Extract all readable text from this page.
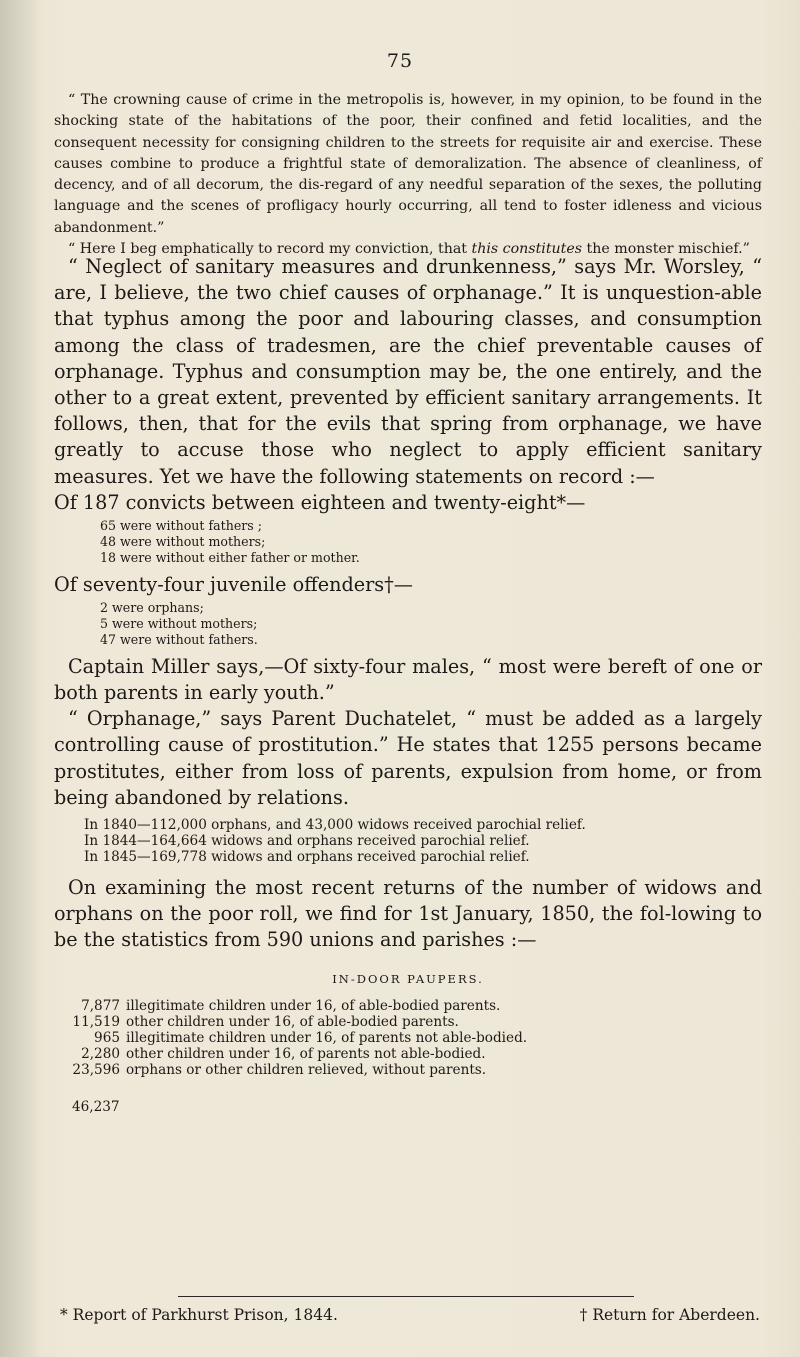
75

“ The crowning cause of crime in the metropolis is, however, in my opinion, to be found in the shocking state of the habitations of the poor, their confined and fetid localities, and the consequent necessity for consigning children to the streets for requisite air and exercise. These causes combine to produce a frightful state of demoralization. The absence of cleanliness, of decency, and of all decorum, the dis-regard of any needful separation of the sexes, the polluting language and the scenes of profligacy hourly occurring, all tend to foster idleness and vicious abandonment.”

“ Here I beg emphatically to record my conviction, that this constitutes the monster mischief.”

“ Neglect of sanitary measures and drunkenness,” says Mr. Worsley, “ are, I believe, the two chief causes of orphanage.” It is unquestion-able that typhus among the poor and labouring classes, and consumption among the class of tradesmen, are the chief preventable causes of orphanage. Typhus and consumption may be, the one entirely, and the other to a great extent, prevented by efficient sanitary arrangements. It follows, then, that for the evils that spring from orphanage, we have greatly to accuse those who neglect to apply efficient sanitary measures. Yet we have the following statements on record :—

Of 187 convicts between eighteen and twenty-eight*—
65 were without fathers ;
48 were without mothers;
18 were without either father or mother.
Of seventy-four juvenile offenders†—
2 were orphans;
5 were without mothers;
47 were without fathers.

Captain Miller says,—Of sixty-four males, “ most were bereft of one or both parents in early youth.”

“ Orphanage,” says Parent Duchatelet, “ must be added as a largely controlling cause of prostitution.” He states that 1255 persons became prostitutes, either from loss of parents, expulsion from home, or from being abandoned by relations.

In 1840—112,000 orphans, and 43,000 widows received parochial relief.
In 1844—164,664 widows and orphans received parochial relief.
In 1845—169,778 widows and orphans received parochial relief.

On examining the most recent returns of the number of widows and orphans on the poor roll, we find for 1st January, 1850, the fol-lowing to be the statistics from 590 unions and parishes :—

IN-DOOR PAUPERS.
7,877 illegitimate children under 16, of able-bodied parents.
11,519 other children under 16, of able-bodied parents.
965 illegitimate children under 16, of parents not able-bodied.
2,280 other children under 16, of parents not able-bodied.
23,596 orphans or other children relieved, without parents.
46,237
* Report of Parkhurst Prison, 1844.	† Return for Aberdeen.
